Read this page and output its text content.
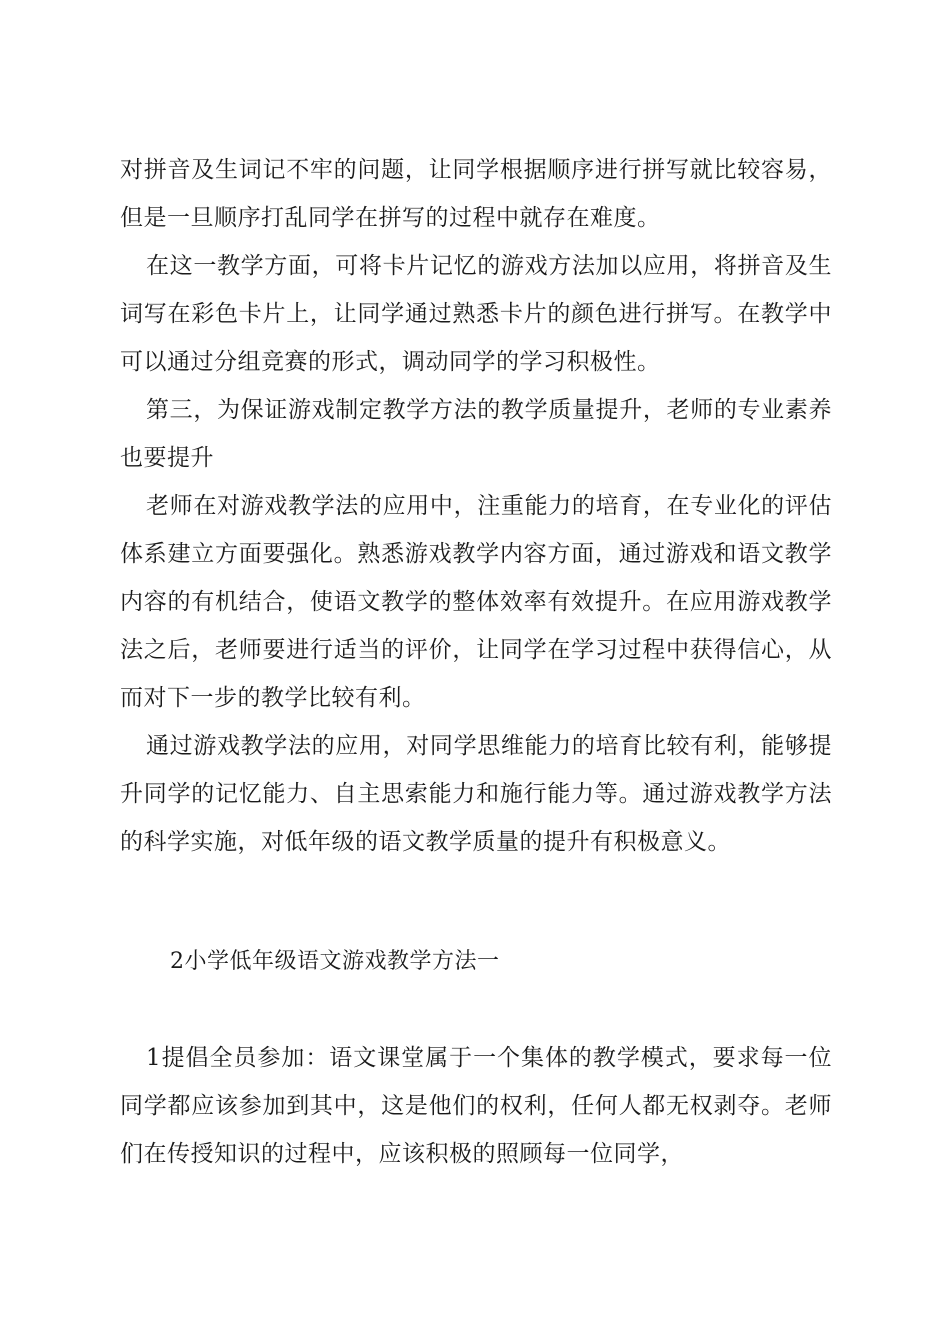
对拼音及生词记不牢的问题，让同学根据顺序进行拼写就比较容易，但是一旦顺序打乱同学在拼写的过程中就存在难度。

在这一教学方面，可将卡片记忆的游戏方法加以应用，将拼音及生词写在彩色卡片上，让同学通过熟悉卡片的颜色进行拼写。在教学中可以通过分组竞赛的形式，调动同学的学习积极性。

第三，为保证游戏制定教学方法的教学质量提升，老师的专业素养也要提升

老师在对游戏教学法的应用中，注重能力的培育，在专业化的评估体系建立方面要强化。熟悉游戏教学内容方面，通过游戏和语文教学内容的有机结合，使语文教学的整体效率有效提升。在应用游戏教学法之后，老师要进行适当的评价，让同学在学习过程中获得信心，从而对下一步的教学比较有利。

通过游戏教学法的应用，对同学思维能力的培育比较有利，能够提升同学的记忆能力、自主思索能力和施行能力等。通过游戏教学方法的科学实施，对低年级的语文教学质量的提升有积极意义。

2小学低年级语文游戏教学方法一

1提倡全员参加：语文课堂属于一个集体的教学模式，要求每一位同学都应该参加到其中，这是他们的权利，任何人都无权剥夺。老师们在传授知识的过程中，应该积极的照顾每一位同学，
